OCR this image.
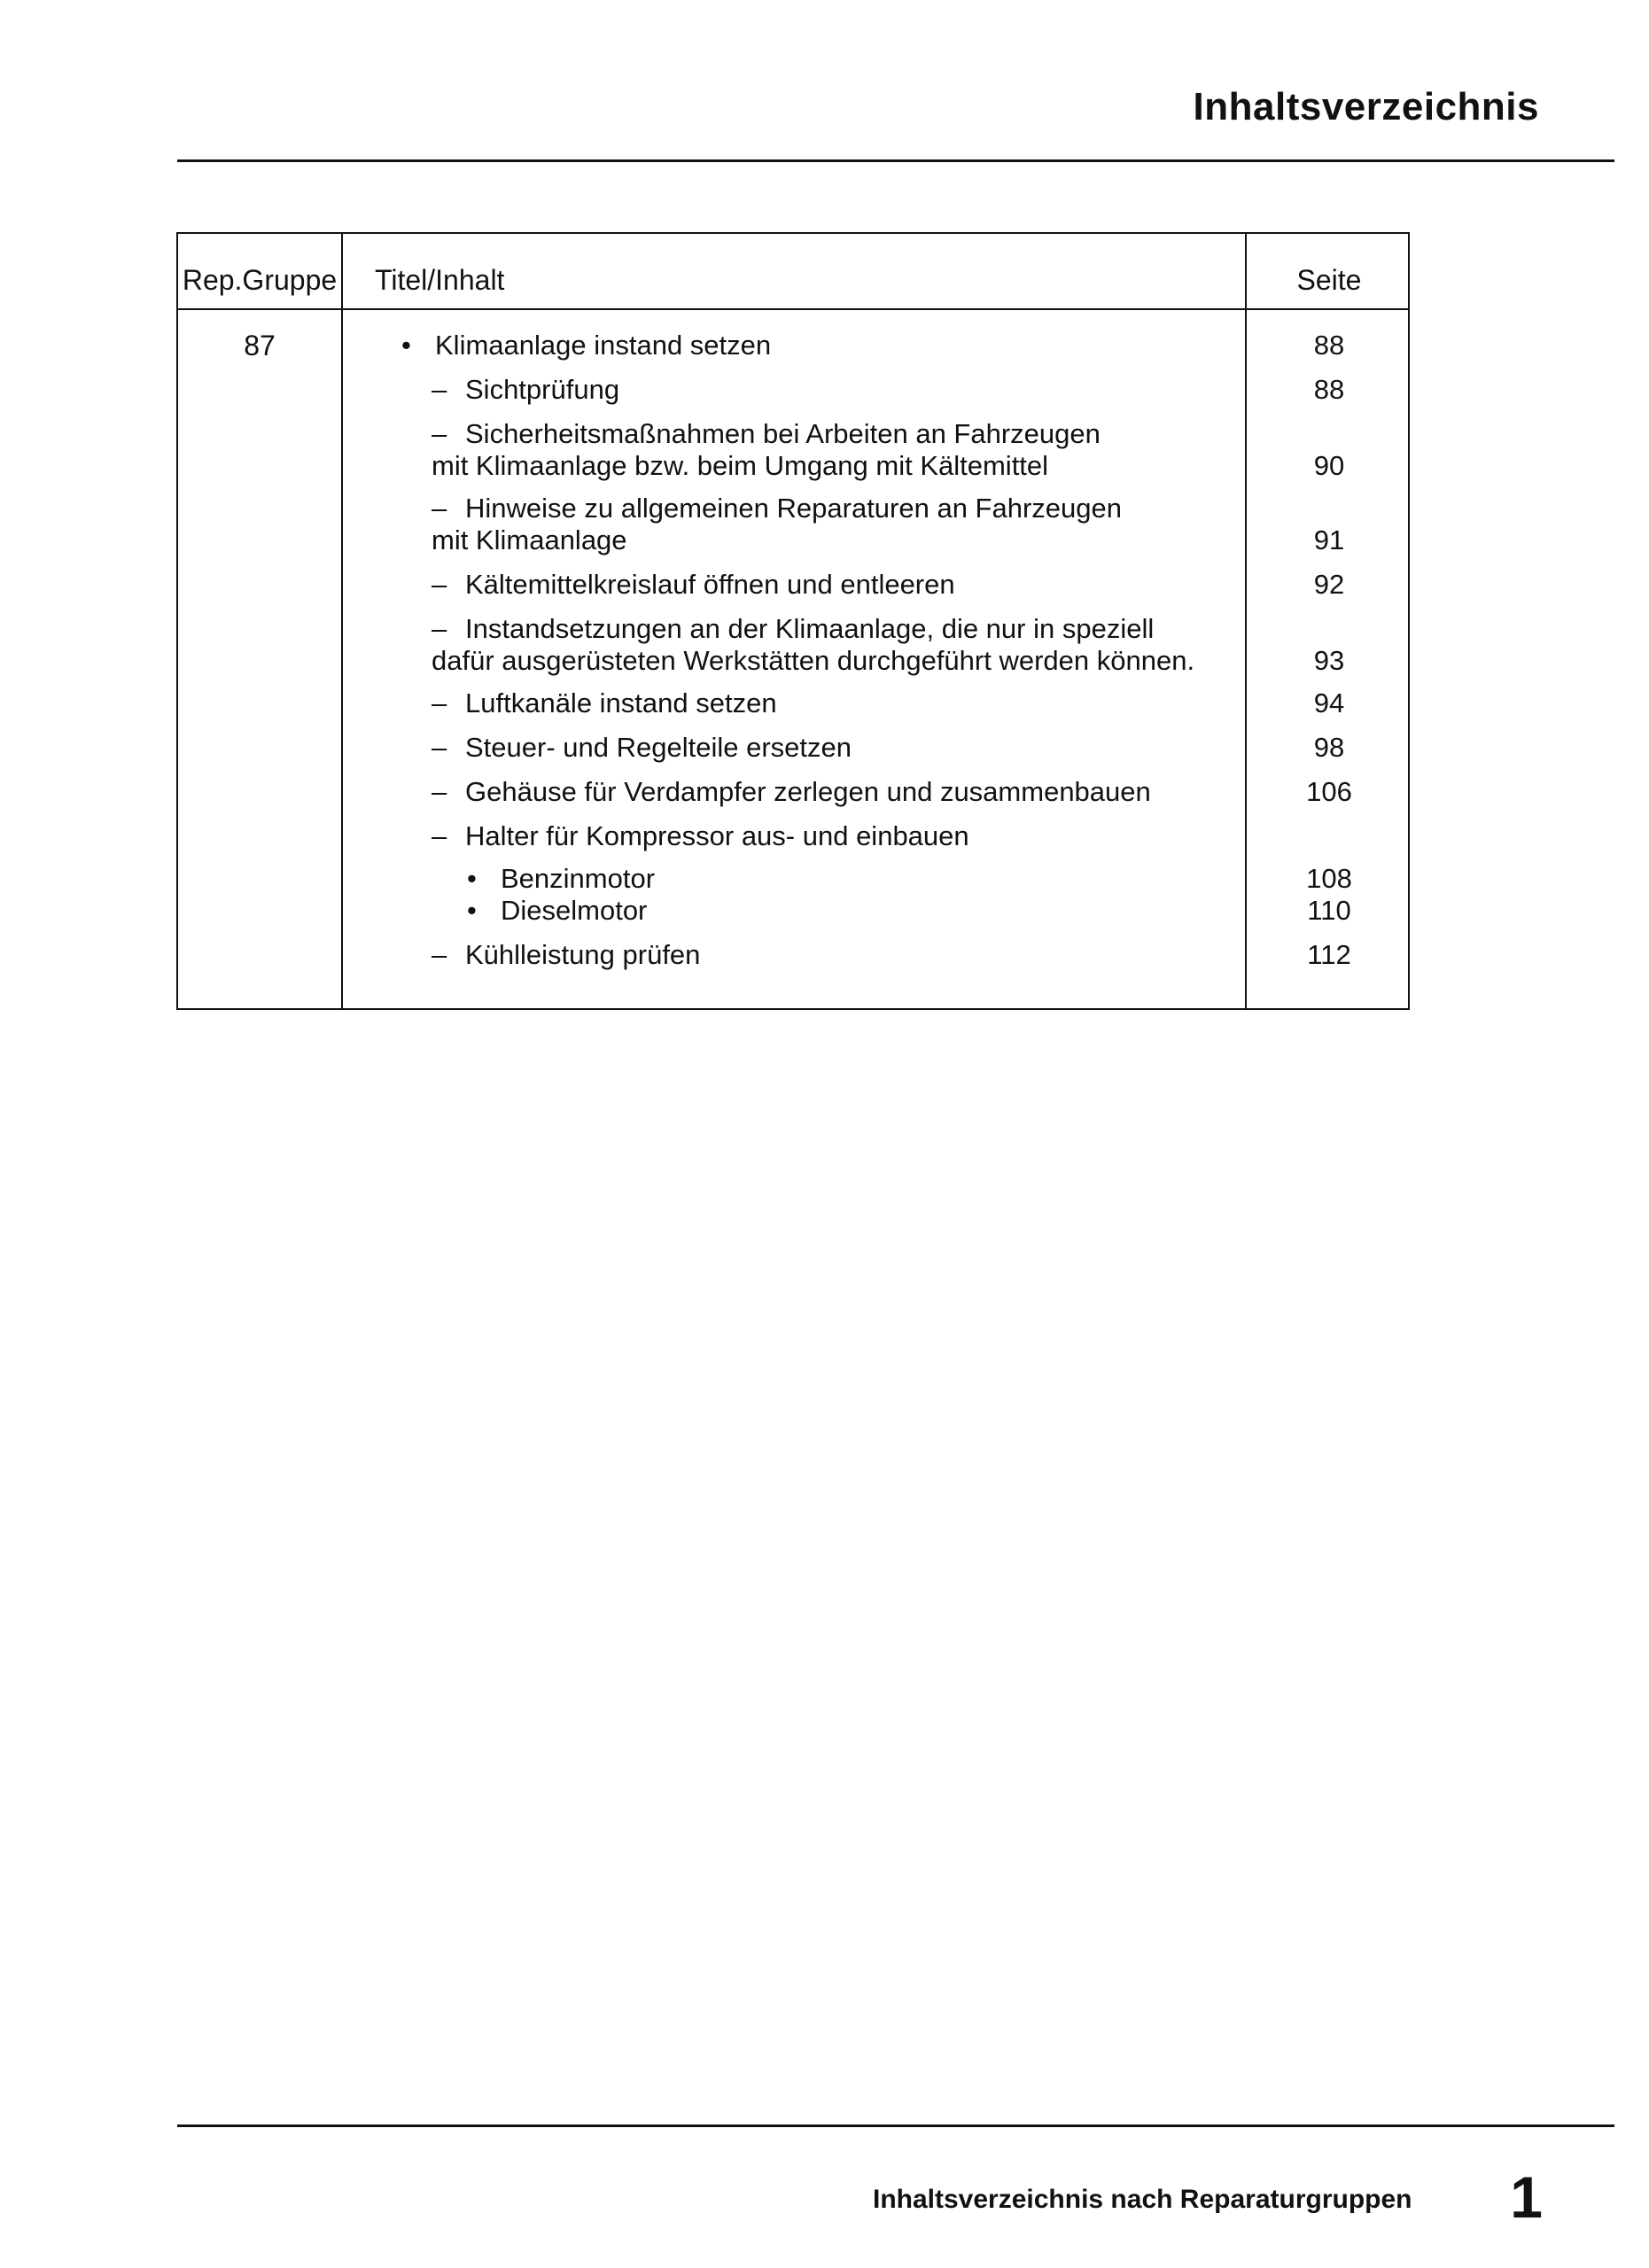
Inhaltsverzeichnis
Rep.Gruppe Titel/Inhalt	Seite
87	• Klimaanlage instand setzen	88
– Sichtprüfung	88
– Sicherheitsmaßnahmen bei Arbeiten an Fahrzeugen
mit Klimaanlage bzw. beim Umgang mit Kältemittel	90
– Hinweise zu allgemeinen Reparaturen an Fahrzeugen
mit Klimaanlage	91
– Kältemittelkreislauf öffnen und entleeren	92
– Instandsetzungen an der Klimaanlage, die nur in speziell
dafür ausgerüsteten Werkstätten durchgeführt werden können.	93
– Luftkanäle instand setzen	94
– Steuer- und Regelteile ersetzen	98
– Gehäuse für Verdampfer zerlegen und zusammenbauen	106
– Halter für Kompressor aus- und einbauen
• Benzinmotor	108
• Dieselmotor	110
– Kühlleistung prüfen	112
Inhaltsverzeichnis nach Reparaturgruppen 1
